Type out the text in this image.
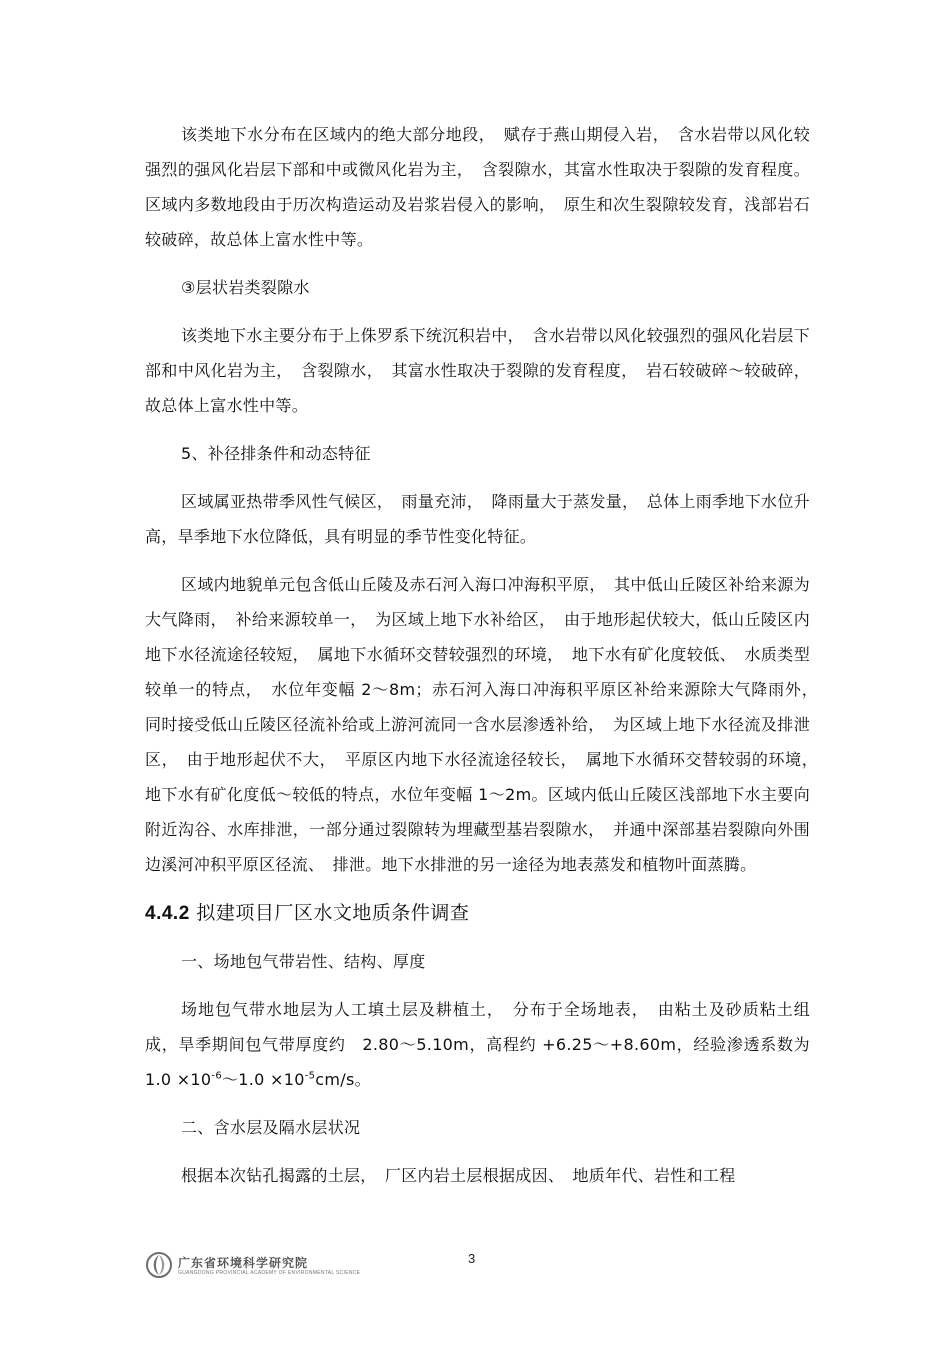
该类地下水分布在区域内的绝大部分地段，　赋存于燕山期侵入岩，　含水岩带以风化较强烈的强风化岩层下部和中或微风化岩为主，　含裂隙水，其富水性取决于裂隙的发育程度。区域内多数地段由于历次构造运动及岩浆岩侵入的影响，　原生和次生裂隙较发育，浅部岩石较破碎，故总体上富水性中等。

③层状岩类裂隙水

该类地下水主要分布于上侏罗系下统沉积岩中，　含水岩带以风化较强烈的强风化岩层下部和中风化岩为主，　含裂隙水，　其富水性取决于裂隙的发育程度，　岩石较破碎～较破碎，故总体上富水性中等。

5、补径排条件和动态特征

区域属亚热带季风性气候区，　雨量充沛，　降雨量大于蒸发量，　总体上雨季地下水位升高，旱季地下水位降低，具有明显的季节性变化特征。

区域内地貌单元包含低山丘陵及赤石河入海口冲海积平原，　其中低山丘陵区补给来源为大气降雨，　补给来源较单一，　为区域上地下水补给区，　由于地形起伏较大，低山丘陵区内地下水径流途径较短，　属地下水循环交替较强烈的环境，　地下水有矿化度较低、　水质类型较单一的特点，　水位年变幅 2～8m；赤石河入海口冲海积平原区补给来源除大气降雨外，　同时接受低山丘陵区径流补给或上游河流同一含水层渗透补给，　为区域上地下水径流及排泄区，　由于地形起伏不大，　平原区内地下水径流途径较长，　属地下水循环交替较弱的环境，　地下水有矿化度低～较低的特点，水位年变幅 1～2m。区域内低山丘陵区浅部地下水主要向附近沟谷、水库排泄，一部分通过裂隙转为埋藏型基岩裂隙水，　并通中深部基岩裂隙向外围边溪河冲积平原区径流、　排泄。地下水排泄的另一途径为地表蒸发和植物叶面蒸腾。

4.4.2 拟建项目厂区水文地质条件调查

一、场地包气带岩性、结构、厚度

场地包气带水地层为人工填土层及耕植土，　分布于全场地表，　由粘土及砂质粘土组成，旱季期间包气带厚度约　2.80～5.10m，高程约 +6.25～+8.60m，经验渗透系数为 $1.0 \times 10^{-6}\sim 1.0 \times 10^{-5}cm/s$。

二、含水层及隔水层状况

根据本次钻孔揭露的土层，　厂区内岩土层根据成因、　地质年代、岩性和工程

广东省环境科学研究院
GUANGDONG PROVINCIAL ACADEMY OF ENVIRONMENTAL SCIENCE
3
